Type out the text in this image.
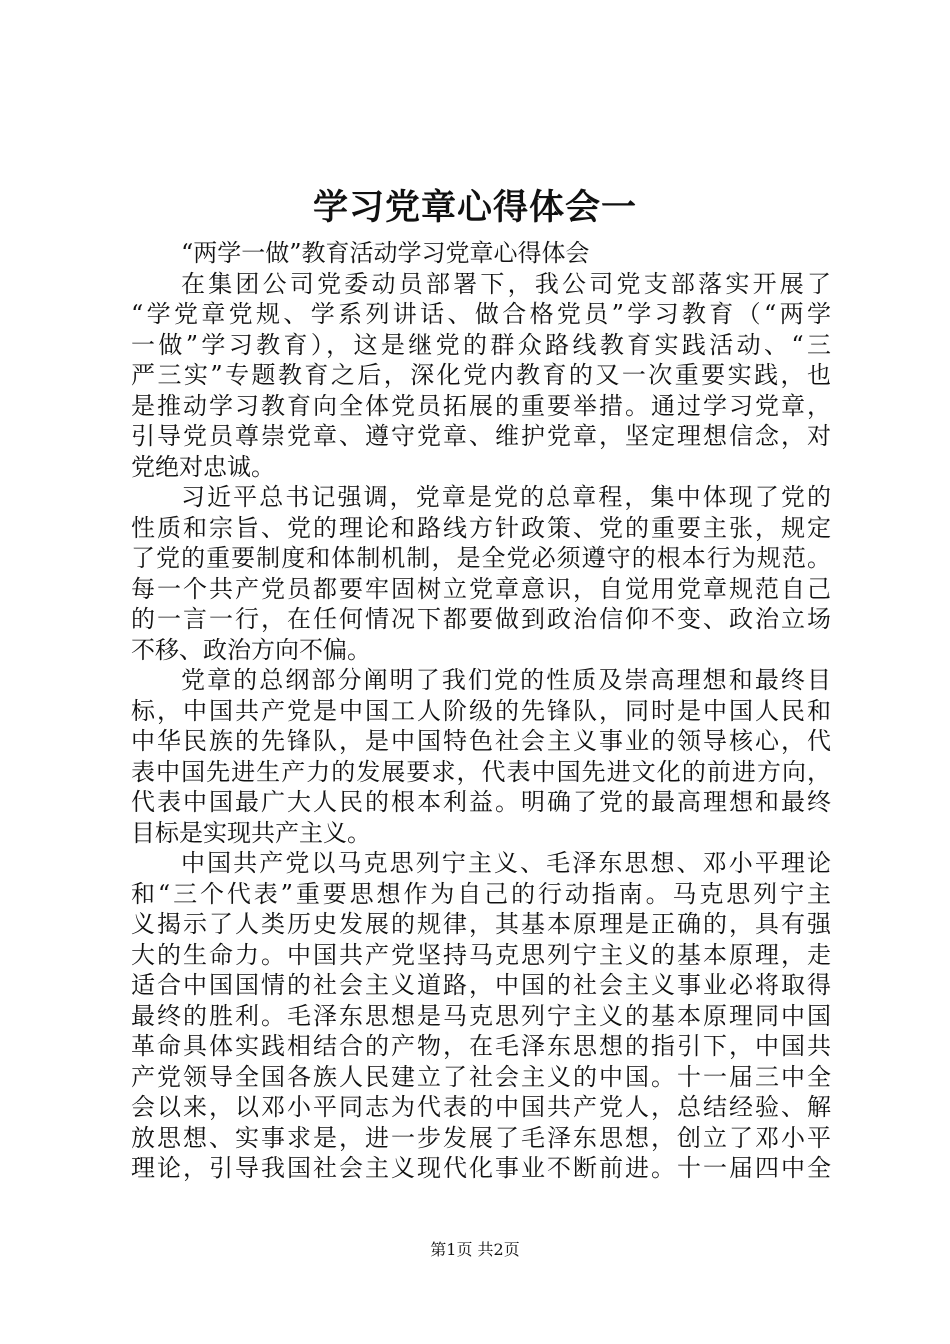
学习党章心得体会一
“两学一做”教育活动学习党章心得体会
在集团公司党委动员部署下，我公司党支部落实开展了
“学党章党规、学系列讲话、做合格党员”学习教育（“两学
一做”学习教育），这是继党的群众路线教育实践活动、“三
严三实”专题教育之后，深化党内教育的又一次重要实践，也
是推动学习教育向全体党员拓展的重要举措。通过学习党章，
引导党员尊崇党章、遵守党章、维护党章，坚定理想信念，对
党绝对忠诚。
习近平总书记强调，党章是党的总章程，集中体现了党的
性质和宗旨、党的理论和路线方针政策、党的重要主张，规定
了党的重要制度和体制机制，是全党必须遵守的根本行为规范。
每一个共产党员都要牢固树立党章意识，自觉用党章规范自己
的一言一行，在任何情况下都要做到政治信仰不变、政治立场
不移、政治方向不偏。
党章的总纲部分阐明了我们党的性质及崇高理想和最终目
标，中国共产党是中国工人阶级的先锋队，同时是中国人民和
中华民族的先锋队，是中国特色社会主义事业的领导核心，代
表中国先进生产力的发展要求，代表中国先进文化的前进方向，
代表中国最广大人民的根本利益。明确了党的最高理想和最终
目标是实现共产主义。
中国共产党以马克思列宁主义、毛泽东思想、邓小平理论
和“三个代表”重要思想作为自己的行动指南。马克思列宁主
义揭示了人类历史发展的规律，其基本原理是正确的，具有强
大的生命力。中国共产党坚持马克思列宁主义的基本原理，走
适合中国国情的社会主义道路，中国的社会主义事业必将取得
最终的胜利。毛泽东思想是马克思列宁主义的基本原理同中国
革命具体实践相结合的产物，在毛泽东思想的指引下，中国共
产党领导全国各族人民建立了社会主义的中国。十一届三中全
会以来，以邓小平同志为代表的中国共产党人，总结经验、解
放思想、实事求是，进一步发展了毛泽东思想，创立了邓小平
理论，引导我国社会主义现代化事业不断前进。十一届四中全
第1页 共2页
